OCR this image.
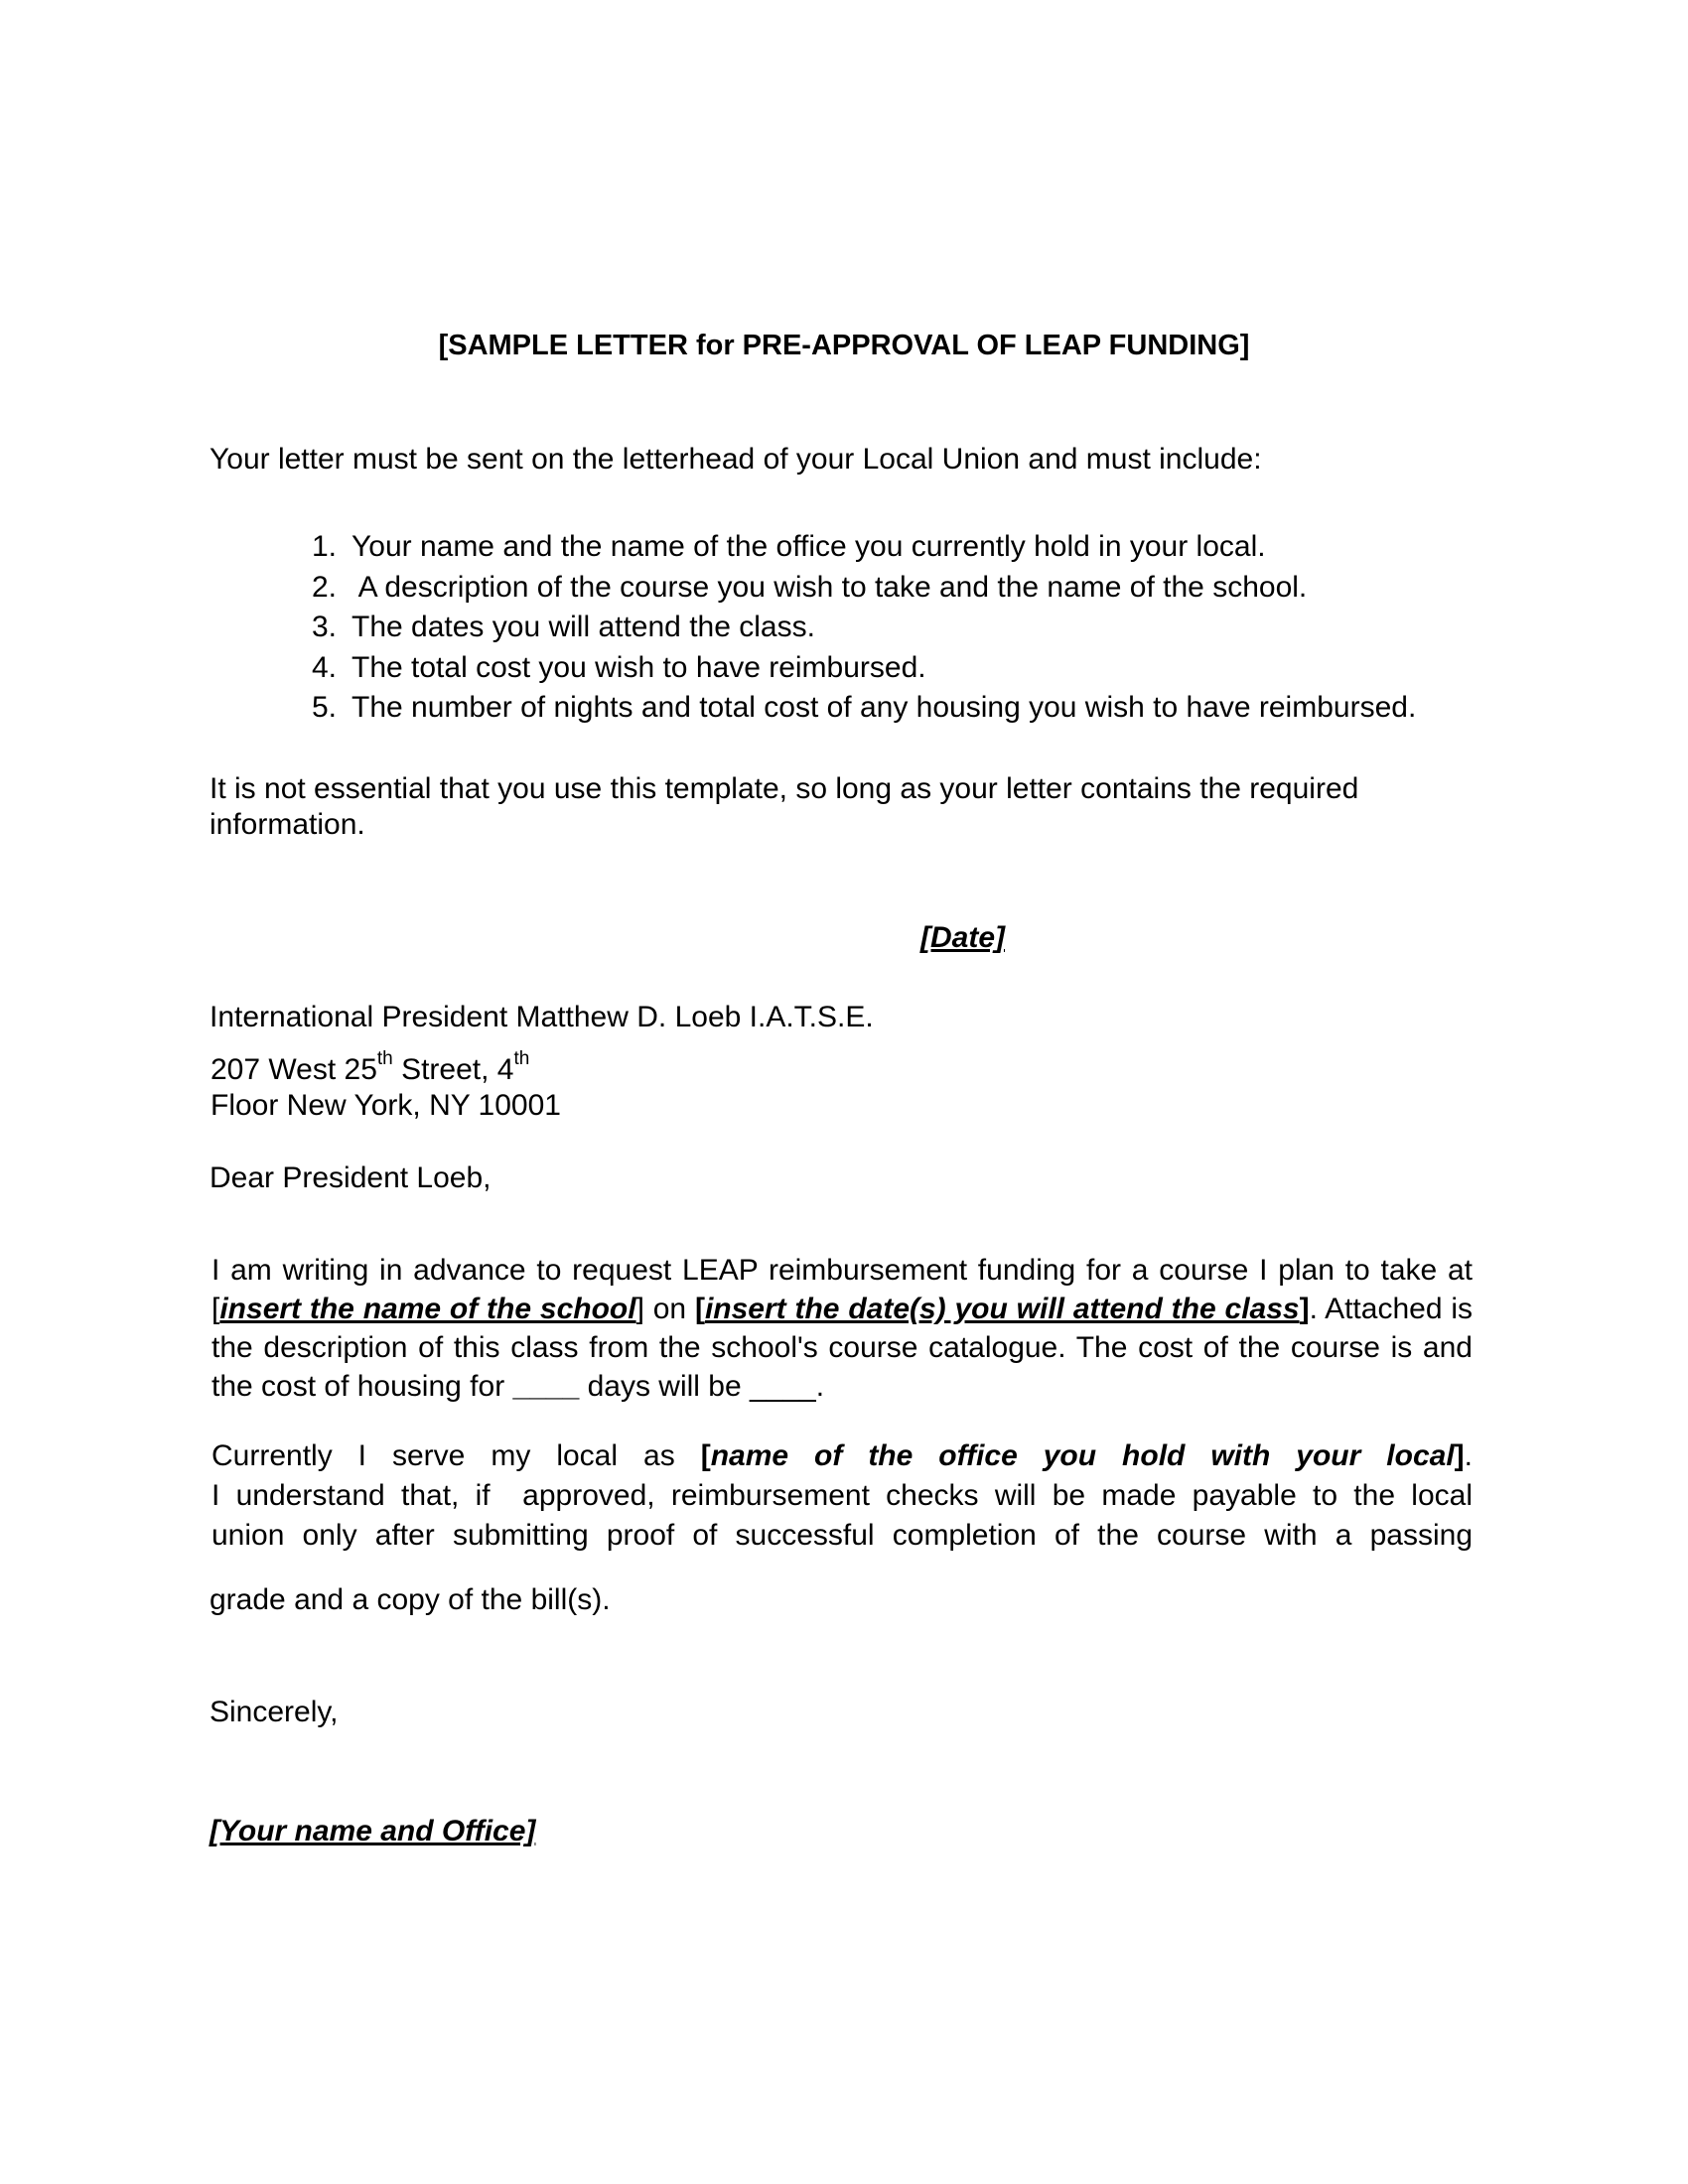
[SAMPLE LETTER for PRE-APPROVAL OF LEAP FUNDING]
Your letter must be sent on the letterhead of your Local Union and must include:
1. Your name and the name of the office you currently hold in your local.
2. A description of the course you wish to take and the name of the school.
3. The dates you will attend the class.
4. The total cost you wish to have reimbursed.
5. The number of nights and total cost of any housing you wish to have reimbursed.
It is not essential that you use this template, so long as your letter contains the required
information.
[Date]
International President Matthew D. Loeb I.A.T.S.E.
207 West 25th Street, 4th
Floor New York, NY 10001
Dear President Loeb,
I am writing in advance to request LEAP reimbursement funding for a course I plan to take at
[insert the name of the school] on [insert the date(s) you will attend the class]. Attached is
the description of this class from the school's course catalogue. The cost of the course is and
the cost of housing for ____ days will be ____.
Currently I serve my local as [name of the office you hold with your local].
I understand that, if  approved, reimbursement checks will be made payable to the local
union only after submitting proof of successful completion of the course with a passing
grade and a copy of the bill(s).
Sincerely,
[Your name and Office]
